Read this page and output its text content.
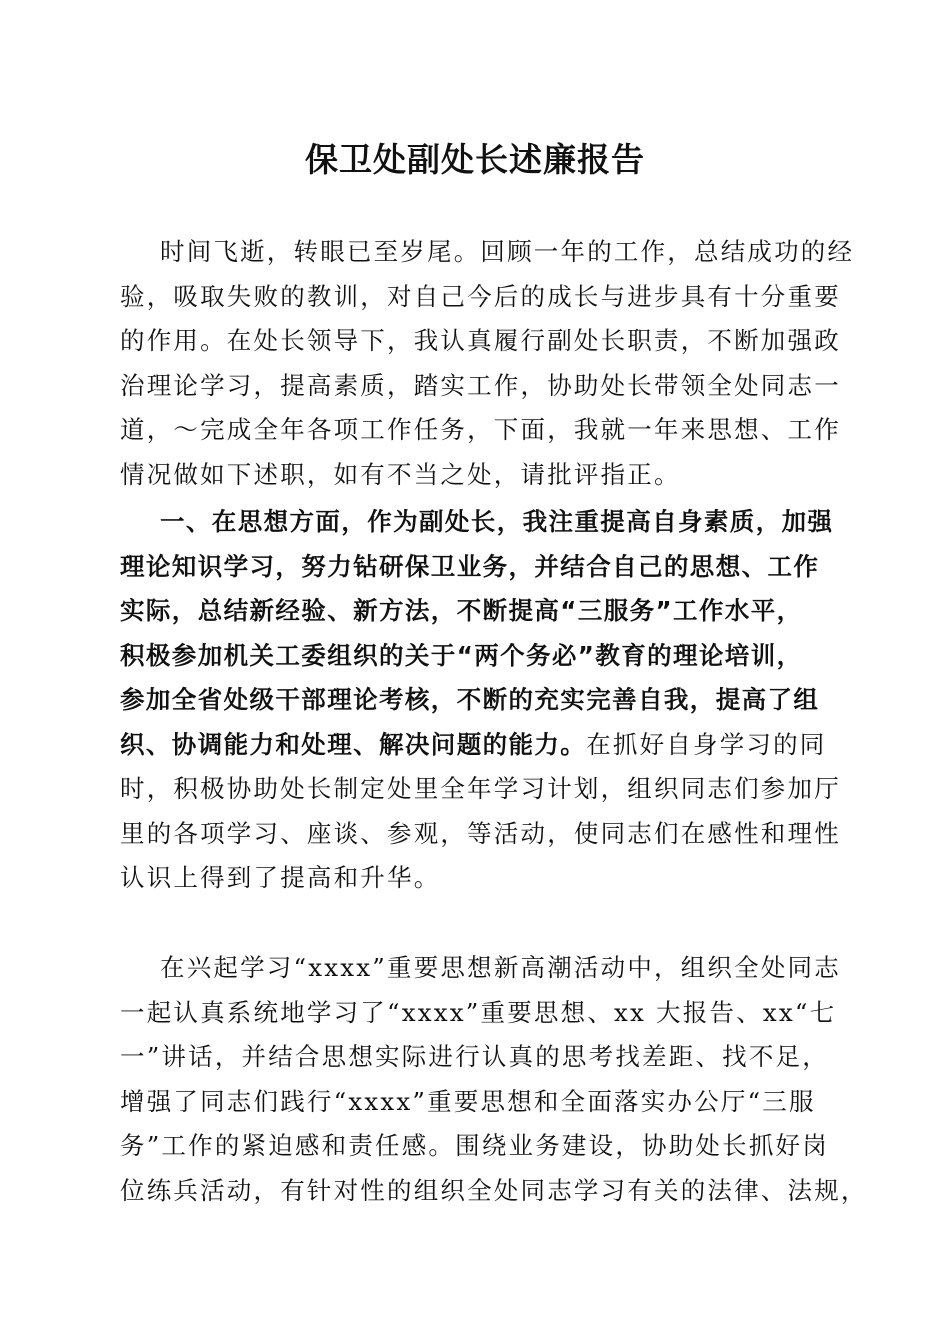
保卫处副处长述廉报告
时间飞逝，转眼已至岁尾。回顾一年的工作，总结成功的经
验，吸取失败的教训，对自己今后的成长与进步具有十分重要
的作用。在处长领导下，我认真履行副处长职责，不断加强政
治理论学习，提高素质，踏实工作，协助处长带领全处同志一
道，～完成全年各项工作任务，下面，我就一年来思想、工作
情况做如下述职，如有不当之处，请批评指正。
一、在思想方面，作为副处长，我注重提高自身素质，加强
理论知识学习，努力钻研保卫业务，并结合自己的思想、工作
实际，总结新经验、新方法，不断提高“三服务”工作水平，
积极参加机关工委组织的关于“两个务必”教育的理论培训，
参加全省处级干部理论考核，不断的充实完善自我，提高了组
织、协调能力和处理、解决问题的能力。在抓好自身学习的同
时，积极协助处长制定处里全年学习计划，组织同志们参加厅
里的各项学习、座谈、参观，等活动，使同志们在感性和理性
认识上得到了提高和升华。
在兴起学习“xxxx”重要思想新高潮活动中，组织全处同志
一起认真系统地学习了“xxxx”重要思想、xx 大报告、xx“七
一”讲话，并结合思想实际进行认真的思考找差距、找不足，
增强了同志们践行“xxxx”重要思想和全面落实办公厅“三服
务”工作的紧迫感和责任感。围绕业务建设，协助处长抓好岗
位练兵活动，有针对性的组织全处同志学习有关的法律、法规，
